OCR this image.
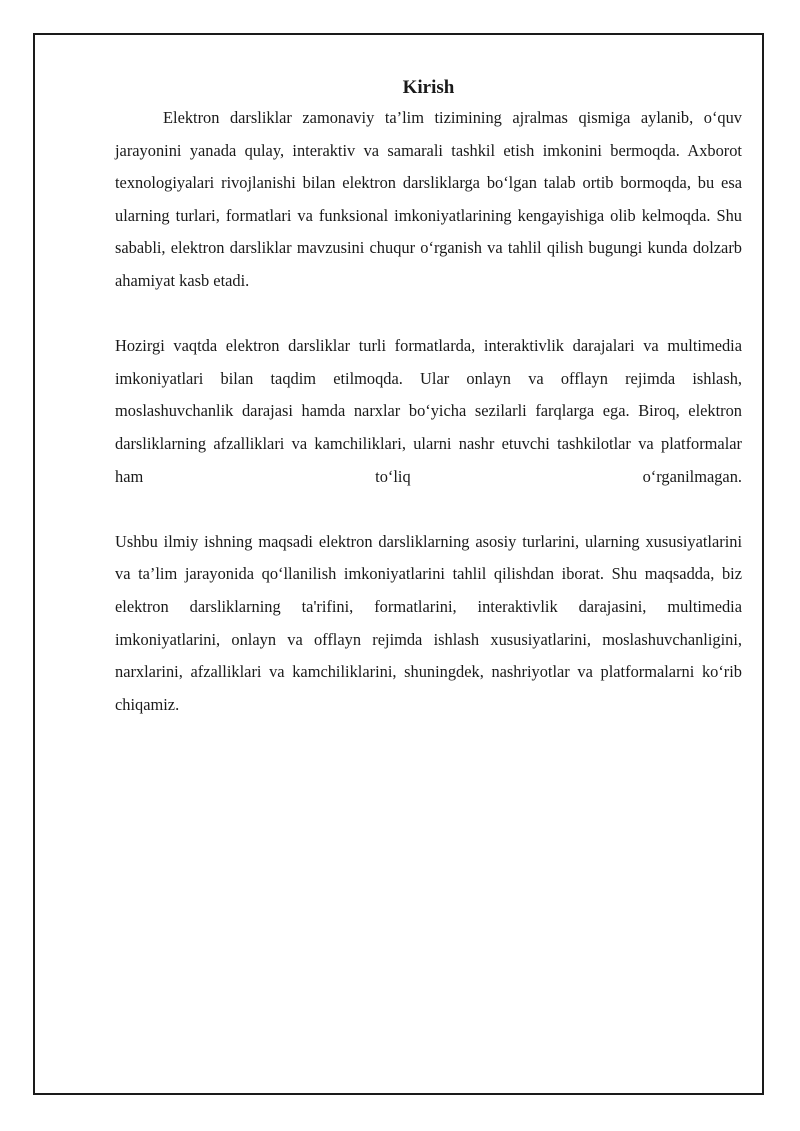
Kirish

Elektron darsliklar zamonaviy ta’lim tizimining ajralmas qismiga aylanib, o‘quv jarayonini yanada qulay, interaktiv va samarali tashkil etish imkonini bermoqda. Axborot texnologiyalari rivojlanishi bilan elektron darsliklarga bo‘lgan talab ortib bormoqda, bu esa ularning turlari, formatlari va funksional imkoniyatlarining kengayishiga olib kelmoqda. Shu sababli, elektron darsliklar mavzusini chuqur o‘rganish va tahlil qilish bugungi kunda dolzarb ahamiyat kasb etadi.

Hozirgi vaqtda elektron darsliklar turli formatlarda, interaktivlik darajalari va multimedia imkoniyatlari bilan taqdim etilmoqda. Ular onlayn va offlayn rejimda ishlash, moslashuvchanlik darajasi hamda narxlar bo‘yicha sezilarli farqlarga ega. Biroq, elektron darsliklarning afzalliklari va kamchiliklari, ularni nashr etuvchi tashkilotlar va platformalar ham to‘liq o‘rganilmagan.

Ushbu ilmiy ishning maqsadi elektron darsliklarning asosiy turlarini, ularning xususiyatlarini va ta’lim jarayonida qo‘llanilish imkoniyatlarini tahlil qilishdan iborat. Shu maqsadda, biz elektron darsliklarning ta'rifini, formatlarini, interaktivlik darajasini, multimedia imkoniyatlarini, onlayn va offlayn rejimda ishlash xususiyatlarini, moslashuvchanligini, narxlarini, afzalliklari va kamchiliklarini, shuningdek, nashriyotlar va platformalarni ko‘rib chiqamiz.
